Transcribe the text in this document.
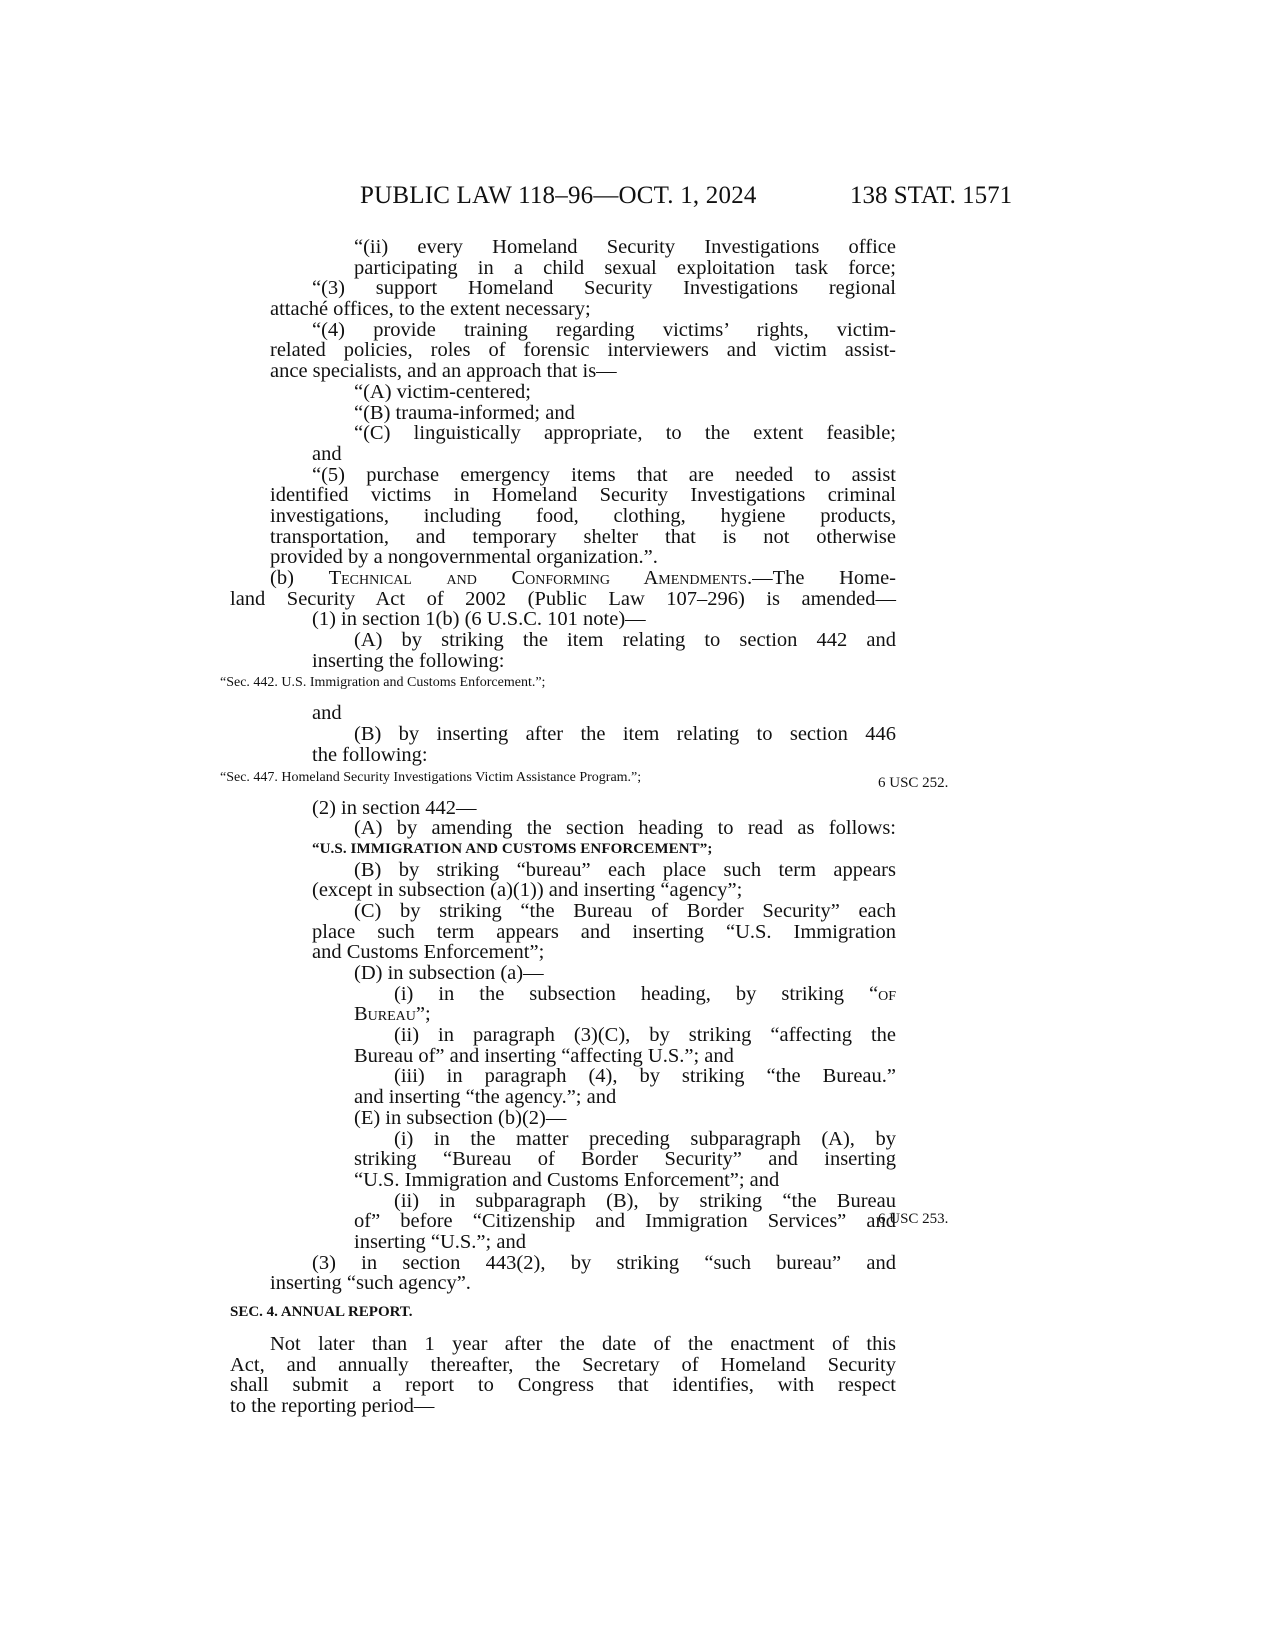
PUBLIC LAW 118–96—OCT. 1, 2024	138 STAT. 1571
6 USC 252.
6 USC 253.
“(ii) every Homeland Security Investigations office
participating in a child sexual exploitation task force;
“(3) support Homeland Security Investigations regional
attaché offices, to the extent necessary;
“(4) provide training regarding victims’ rights, victim-
related policies, roles of forensic interviewers and victim assist-
ance specialists, and an approach that is—
“(A) victim-centered;
“(B) trauma-informed; and
“(C) linguistically appropriate, to the extent feasible;
and
“(5) purchase emergency items that are needed to assist
identified victims in Homeland Security Investigations criminal
investigations, including food, clothing, hygiene products,
transportation, and temporary shelter that is not otherwise
provided by a nongovernmental organization.”.
(b) Technical and Conforming Amendments.—The Home-
land Security Act of 2002 (Public Law 107–296) is amended—
(1) in section 1(b) (6 U.S.C. 101 note)—
(A) by striking the item relating to section 442 and
inserting the following:
“Sec. 442. U.S. Immigration and Customs Enforcement.”;
and
(B) by inserting after the item relating to section 446
the following:
“Sec. 447. Homeland Security Investigations Victim Assistance Program.”;
(2) in section 442—
(A) by amending the section heading to read as follows:
“U.S. IMMIGRATION AND CUSTOMS ENFORCEMENT”;
(B) by striking “bureau” each place such term appears
(except in subsection (a)(1)) and inserting “agency”;
(C) by striking “the Bureau of Border Security” each
place such term appears and inserting “U.S. Immigration
and Customs Enforcement”;
(D) in subsection (a)—
(i) in the subsection heading, by striking “of
Bureau”;
(ii) in paragraph (3)(C), by striking “affecting the
Bureau of” and inserting “affecting U.S.”; and
(iii) in paragraph (4), by striking “the Bureau.”
and inserting “the agency.”; and
(E) in subsection (b)(2)—
(i) in the matter preceding subparagraph (A), by
striking “Bureau of Border Security” and inserting
“U.S. Immigration and Customs Enforcement”; and
(ii) in subparagraph (B), by striking “the Bureau
of” before “Citizenship and Immigration Services” and
inserting “U.S.”; and
(3) in section 443(2), by striking “such bureau” and
inserting “such agency”.
SEC. 4. ANNUAL REPORT.
Not later than 1 year after the date of the enactment of this
Act, and annually thereafter, the Secretary of Homeland Security
shall submit a report to Congress that identifies, with respect
to the reporting period—
